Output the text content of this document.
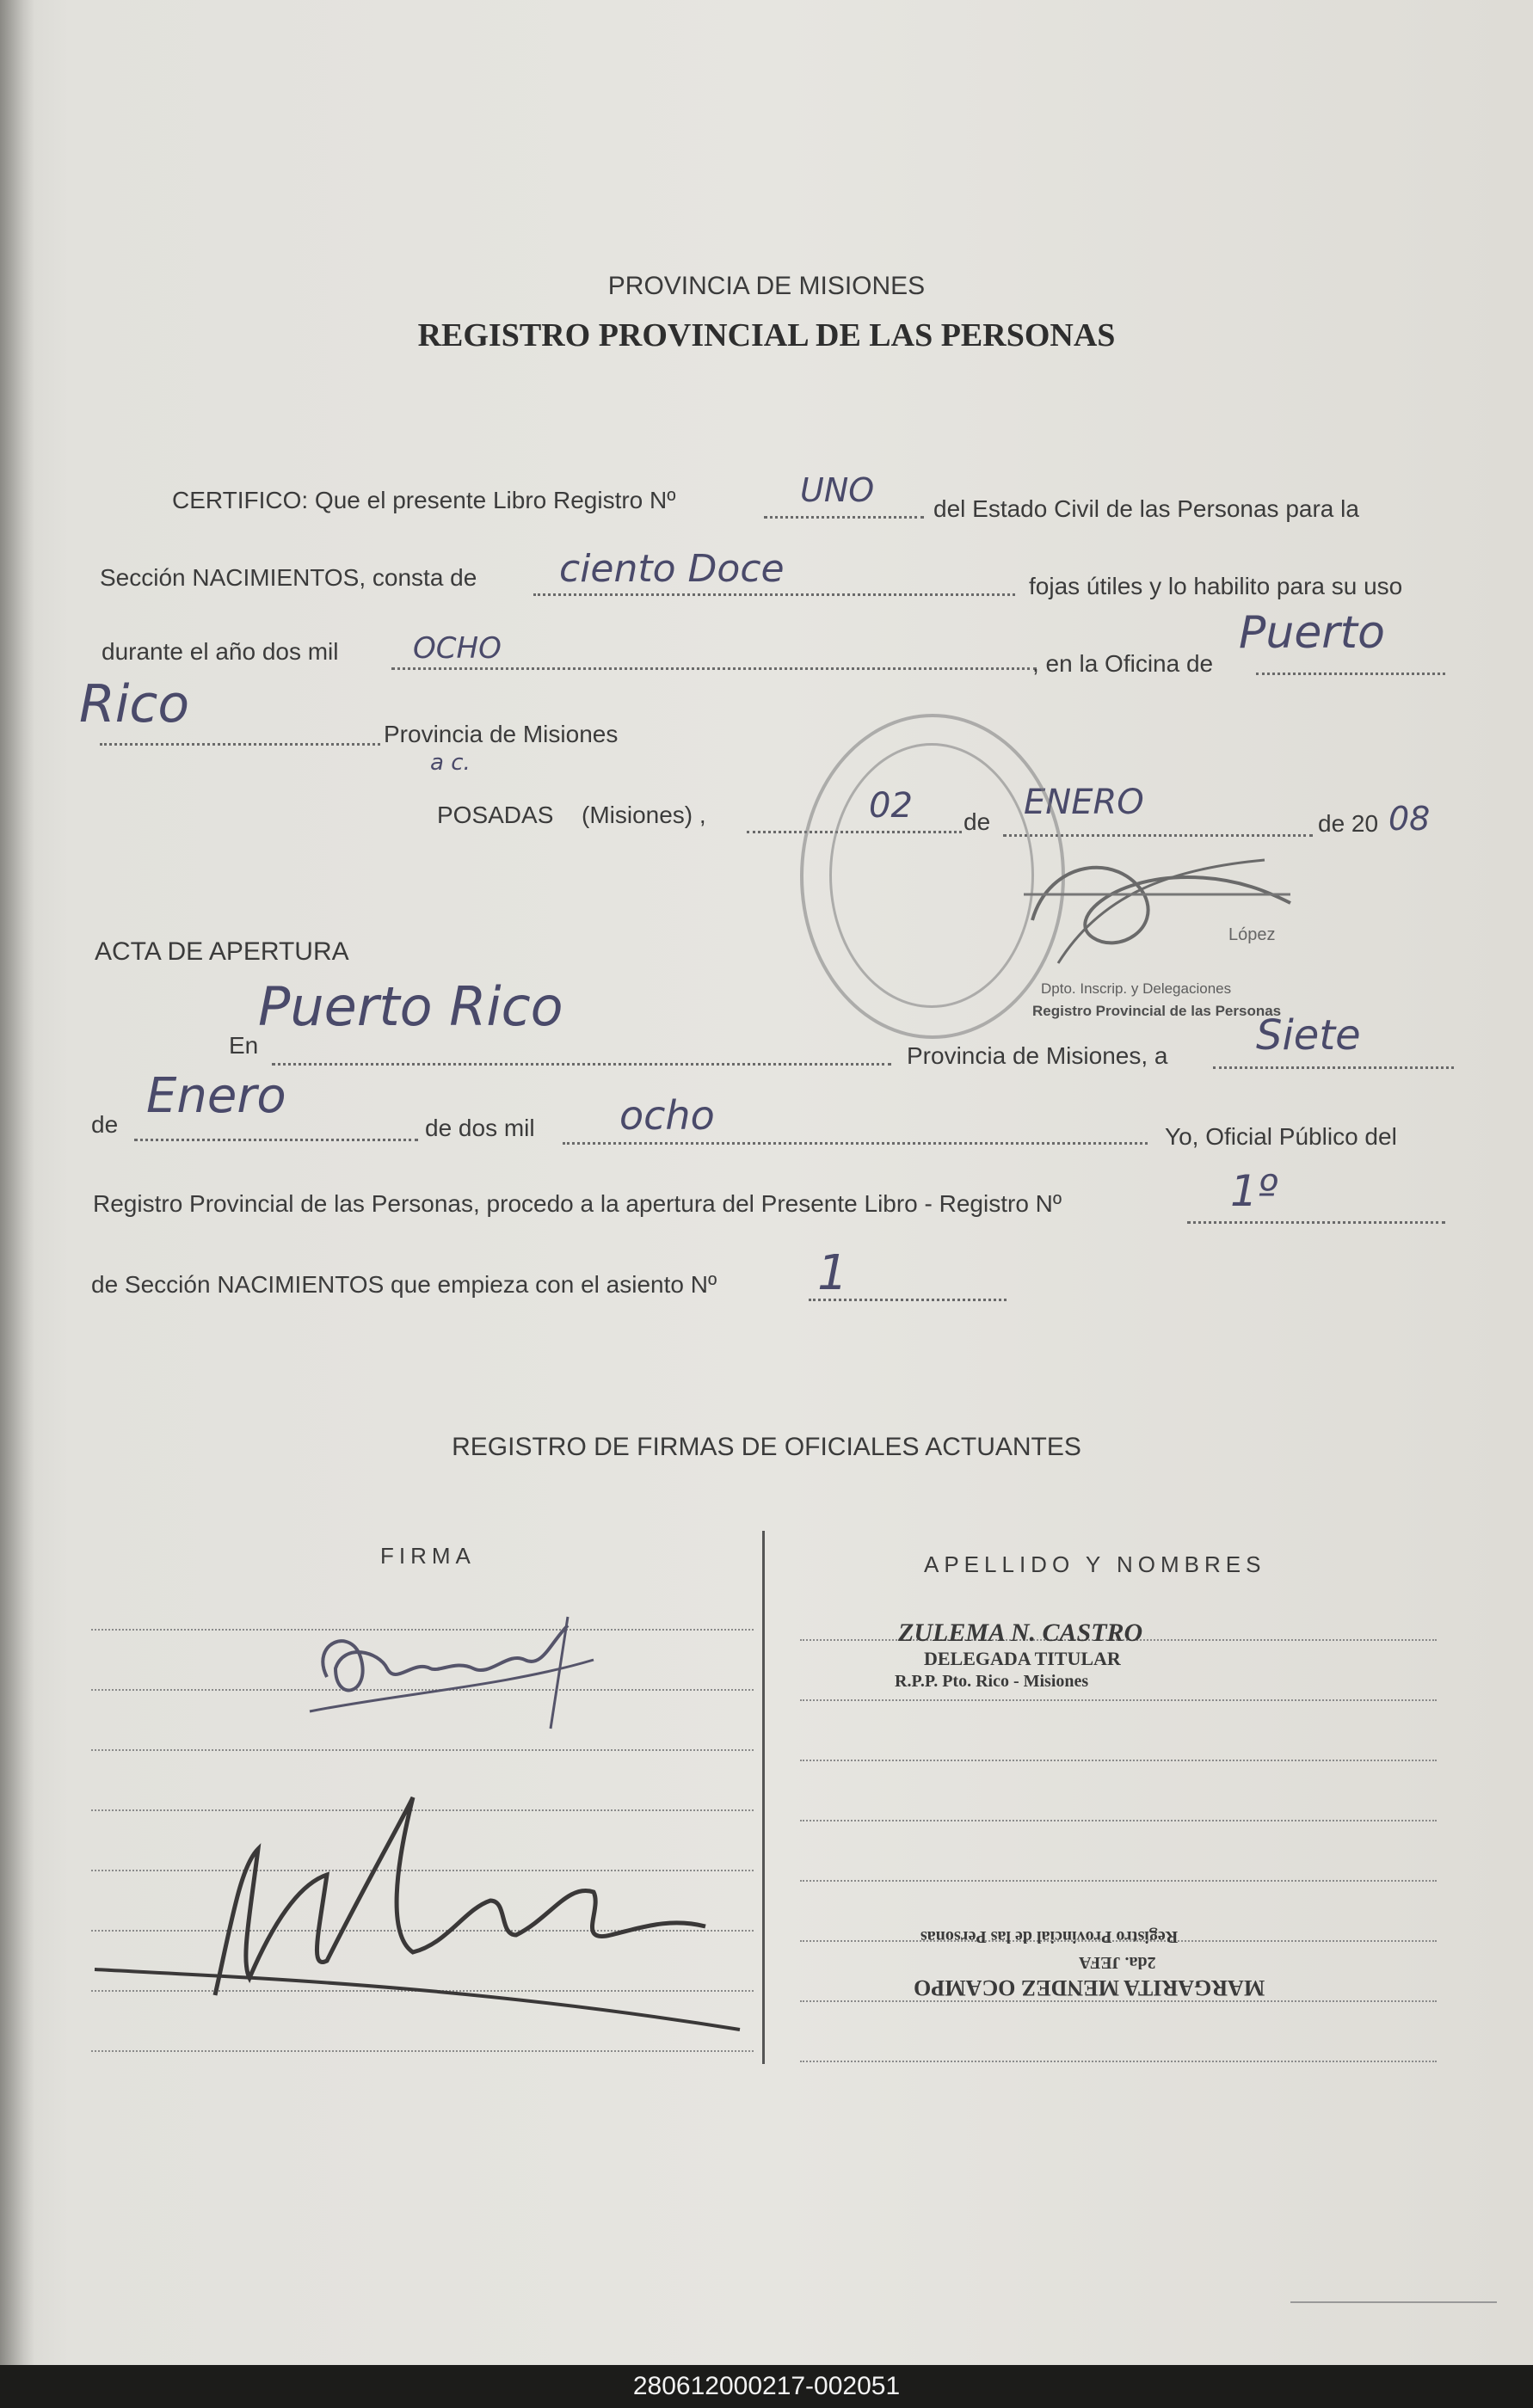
PROVINCIA DE MISIONES
REGISTRO PROVINCIAL DE LAS PERSONAS
CERTIFICO: Que el presente Libro Registro Nº	UNO del Estado Civil de las Personas para la
Sección NACIMIENTOS, consta de ciento Doce	fojas útiles y lo habilito para su uso
durante el año dos mil	OCHO	, en la Oficina de
Puerto
Rico	Provincia de Misiones
a c.
POSADAS (Misiones) ,	02 de ENERO
de 20 08
López
Dpto. Inscrip. y Delegaciones
Registro Provincial de las Personas
ACTA DE APERTURA
En
Puerto Rico
Provincia de Misiones, a Siete
de
Enero
de dos mil ocho	Yo, Oficial Público del
Registro Provincial de las Personas, procedo a la apertura del Presente Libro - Registro Nº	1º
de Sección NACIMIENTOS que empieza con el asiento Nº 1
REGISTRO DE FIRMAS DE OFICIALES ACTUANTES
FIRMA	APELLIDO Y NOMBRES
ZULEMA N. CASTRO
DELEGADA TITULAR
R.P.P. Pto. Rico - Misiones
Registro Provincial de las Personas
2da. JEFA
MARGARITA MENDEZ OCAMPO
280612000217-002051
